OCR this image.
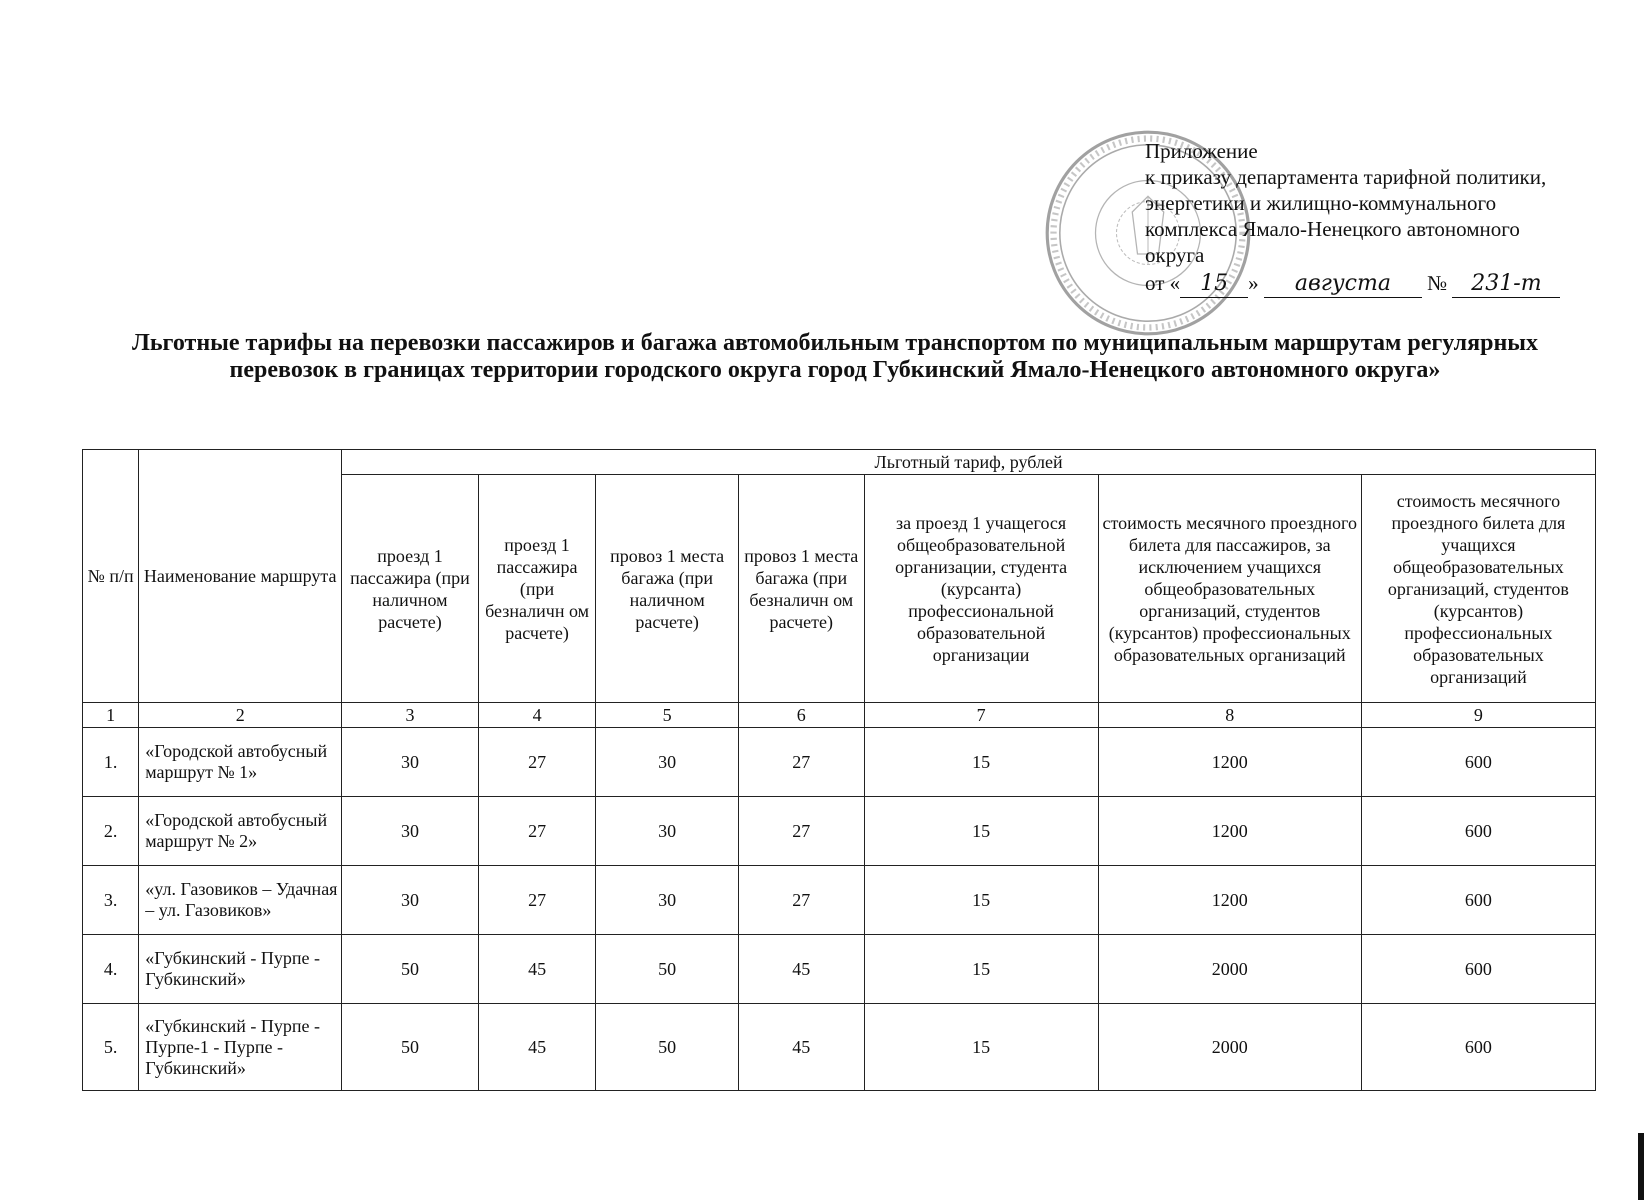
Приложение
к приказу департамента тарифной политики,
энергетики и жилищно-коммунального
комплекса Ямало-Ненецкого автономного
округа
от « 15 » августа № 231-т
Льготные тарифы на перевозки пассажиров и багажа автомобильным транспортом по муниципальным маршрутам регулярных перевозок в границах территории городского округа город Губкинский Ямало-Ненецкого автономного округа»
№ п/п	Наименование маршрута	Льготный тариф, рублей						
		проезд 1 пассажира (при наличном расчете)	проезд 1 пассажира (при безналичн ом расчете)	провоз 1 места багажа (при наличном расчете)	провоз 1 места багажа (при безналичн ом расчете)	за проезд 1 учащегося общеобразовательной организации, студента (курсанта) профессиональной образовательной организации	стоимость месячного проездного билета для пассажиров, за исключением учащихся общеобразовательных организаций, студентов (курсантов) профессиональных образовательных организаций	стоимость месячного проездного билета для учащихся общеобразовательных организаций, студентов (курсантов) профессиональных образовательных организаций
1	2	3	4	5	6	7	8	9
1.	«Городской автобусный маршрут № 1»	30	27	30	27	15	1200	600
2.	«Городской автобусный маршрут № 2»	30	27	30	27	15	1200	600
3.	«ул. Газовиков – Удачная – ул. Газовиков»	30	27	30	27	15	1200	600
4.	«Губкинский - Пурпе - Губкинский»	50	45	50	45	15	2000	600
5.	«Губкинский - Пурпе - Пурпе-1 - Пурпе - Губкинский»	50	45	50	45	15	2000	600
